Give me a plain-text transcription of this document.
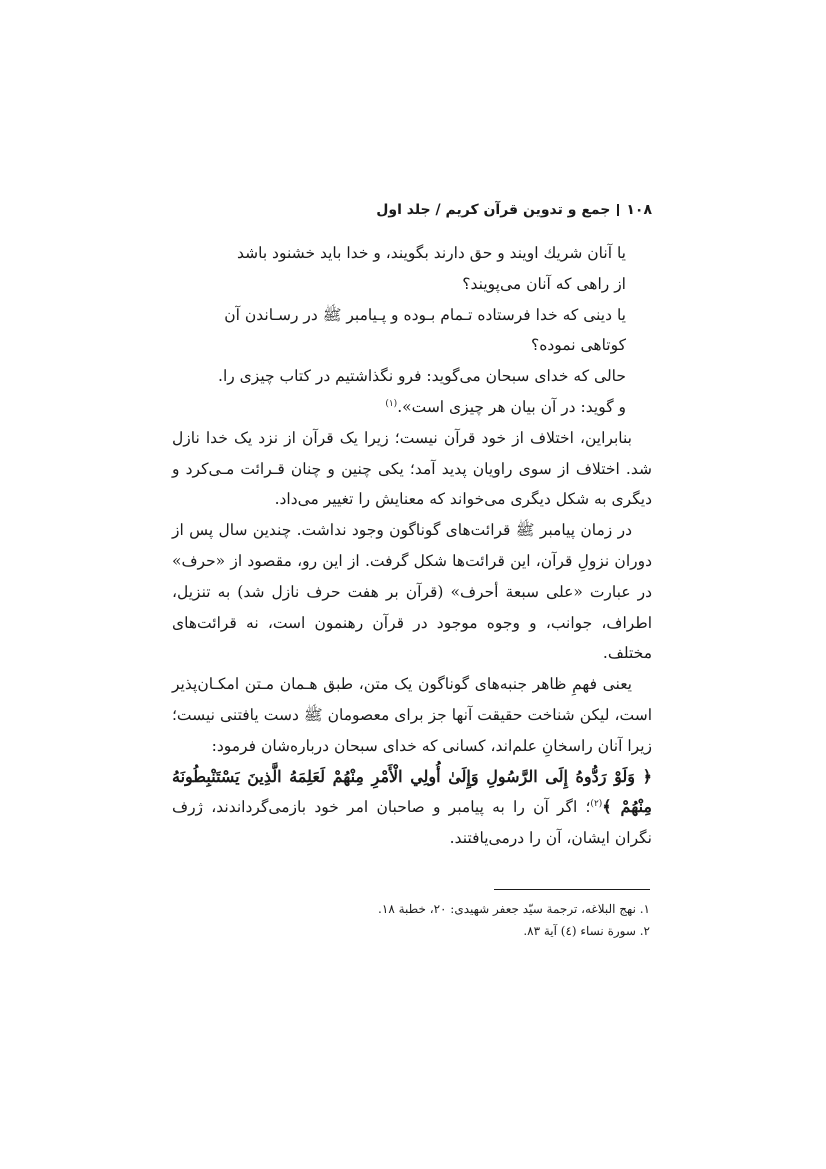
۱۰۸
جمع و تدوين قرآن كريم / جلد اول

يا آنان شريك اويند و حق دارند بگويند، و خدا بايد خشنود باشد

از راهى كه آنان مى‌پويند؟

يا دينى كه خدا فرستاده تـمام بـوده و پـيامبر ﷺ در رسـاندن آن

كوتاهى نموده؟

حالى كه خداى سبحان مى‌گويد: فرو نگذاشتيم در كتاب چيزى را.

و گويد: در آن بيان هر چيزى است».$^{(۱)}$

بنابراين، اختلاف از خود قرآن نيست؛ زيرا يک قرآن از نزد يک خدا نازل شد. اختلاف از سوى راويان پديد آمد؛ يكى چنين و چنان قـرائت مـى‌كرد و ديگرى به شكل ديگرى مى‌خواند كه معنايش را تغيير مى‌داد.

در زمان پيامبر ﷺ قرائت‌هاى گوناگون وجود نداشت. چندين سال پس از دوران نزولِ قرآن، اين قرائت‌ها شكل گرفت. از اين رو، مقصود از «حرف» در عبارت «على سبعة أحرف» (قرآن بر هفت حرف نازل شد) به تنزيل، اطراف، جوانب، و وجوه موجود در قرآن رهنمون است، نه قرائت‌هاى مختلف.

يعنى فهمِ ظاهر جنبه‌هاى گوناگون يک متن، طبق هـمان مـتن امكـان‌پذير است، ليكن شناخت حقيقت آنها جز براى معصومان ﷺ دست يافتنى نيست؛ زيرا آنان راسخانِ علم‌اند، كسانى كه خداى سبحان درباره‌شان فرمود:

﴿ وَلَوْ رَدُّوهُ إِلَى الرَّسُولِ وَإِلَىٰ أُولِي الْأَمْرِ مِنْهُمْ لَعَلِمَهُ الَّذِينَ يَسْتَنْبِطُونَهُ مِنْهُمْ ﴾$^{(۲)}$؛ اگر آن را به پيامبر و صاحبان امر خود بازمى‌گرداندند، ژرف نگران ايشان، آن را درمى‌يافتند.

۱. نهج البلاغه، ترجمة سيّد جعفر شهيدى: ۲۰، خطبة ۱۸.

۲. سورة نساء (٤) آية ۸۳.
